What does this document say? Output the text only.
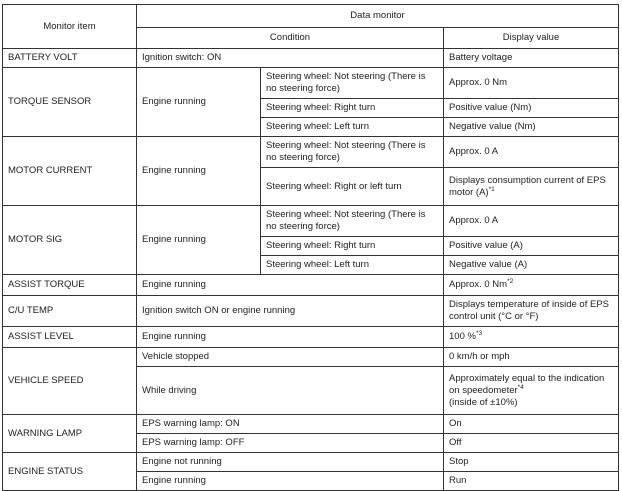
Monitor item	Data monitor		
	Condition		Display value
BATTERY VOLT	Ignition switch: ON		Battery voltage
TORQUE SENSOR	Engine running	Steering wheel: Not steering (There is no steering force)	Approx. 0 Nm
		Steering wheel: Right turn	Positive value (Nm)
		Steering wheel: Left turn	Negative value (Nm)
MOTOR CURRENT	Engine running	Steering wheel: Not steering (There is no steering force)	Approx. 0 A
		Steering wheel: Right or left turn	Displays consumption current of EPS motor $(A)^{*1}$
MOTOR SIG	Engine running	Steering wheel: Not steering (There is no steering force)	Approx. 0 A
		Steering wheel: Right turn	Positive value (A)
		Steering wheel: Left turn	Negative value (A)
ASSIST TORQUE	Engine running		Approx. 0 Nm$^{*2}$
C/U TEMP	Ignition switch ON or engine running		Displays temperature of inside of EPS control unit (°C or °F)
ASSIST LEVEL	Engine running		100 %$^{*3}$
VEHICLE SPEED	Vehicle stopped		0 km/h or mph
	While driving		Approximately equal to the indication on speedometer$^{*4}$
(inside of ±10%)
WARNING LAMP	EPS warning lamp: ON		On
	EPS warning lamp: OFF		Off
ENGINE STATUS	Engine not running		Stop
	Engine running		Run
